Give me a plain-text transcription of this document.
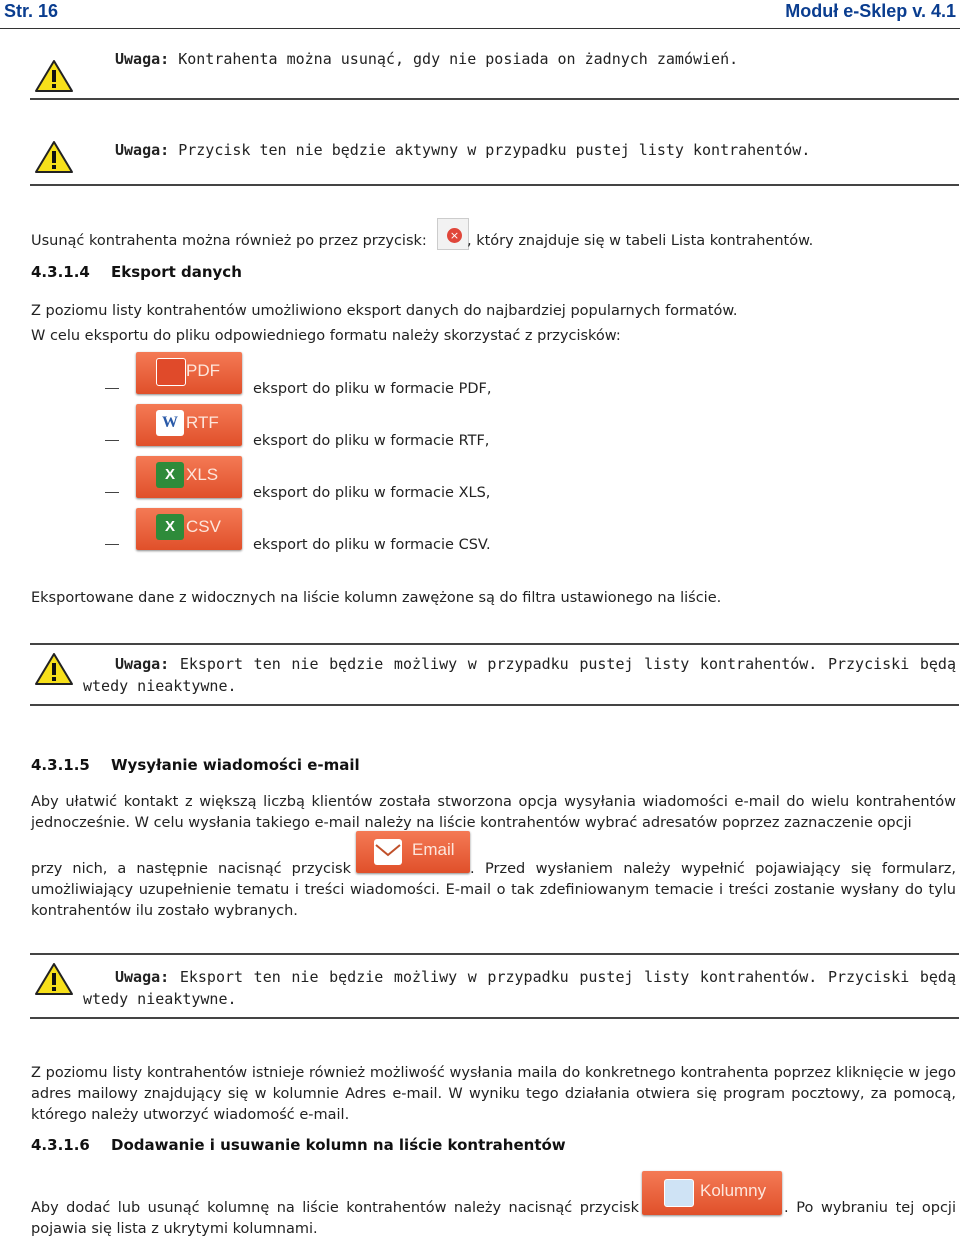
Str. 16	Moduł e-Sklep v. 4.1
Uwaga: Kontrahenta można usunąć, gdy nie posiada on żadnych zamówień.
Uwaga: Przycisk ten nie będzie aktywny w przypadku pustej listy kontrahentów.
Usunąć kontrahenta można również po przez przycisk: × , który znajduje się w tabeli Lista kontrahentów.
4.3.1.4 Eksport danych
Z poziomu listy kontrahentów umożliwiono eksport danych do najbardziej popularnych formatów.
W celu eksportu do pliku odpowiedniego formatu należy skorzystać z przycisków:
PDF
eksport do pliku w formacie PDF,
W RTF
eksport do pliku w formacie RTF,
X XLS
eksport do pliku w formacie XLS,
X CSV
eksport do pliku w formacie CSV.
Eksportowane dane z widocznych na liście kolumn zawężone są do filtra ustawionego na liście.
Uwaga: Eksport ten nie będzie możliwy w przypadku pustej listy kontrahentów. Przyciski będą wtedy nieaktywne.
4.3.1.5 Wysyłanie wiadomości e-mail
Aby ułatwić kontakt z większą liczbą klientów została stworzona opcja wysyłania wiadomości e-mail do wielu kontrahentów jednocześnie. W celu wysłania takiego e-mail należy na liście kontrahentów wybrać adresatów poprzez zaznaczenie opcji
przy nich, a następnie nacisnąć przycisk
Email
. Przed wysłaniem należy wypełnić pojawiający się formularz,
umożliwiający uzupełnienie tematu i treści wiadomości. E-mail o tak zdefiniowanym temacie i treści zostanie wysłany do tylu kontrahentów ilu zostało wybranych.
Uwaga: Eksport ten nie będzie możliwy w przypadku pustej listy kontrahentów. Przyciski będą wtedy nieaktywne.
Z poziomu listy kontrahentów istnieje również możliwość wysłania maila do konkretnego kontrahenta poprzez kliknięcie w jego adres mailowy znajdujący się w kolumnie Adres e-mail. W wyniku tego działania otwiera się program pocztowy, za pomocą, którego należy utworzyć wiadomość e-mail.
4.3.1.6 Dodawanie i usuwanie kolumn na liście kontrahentów
Aby dodać lub usunąć kolumnę na liście kontrahentów należy nacisnąć przycisk
Kolumny
. Po wybraniu tej opcji
pojawia się lista z ukrytymi kolumnami.
